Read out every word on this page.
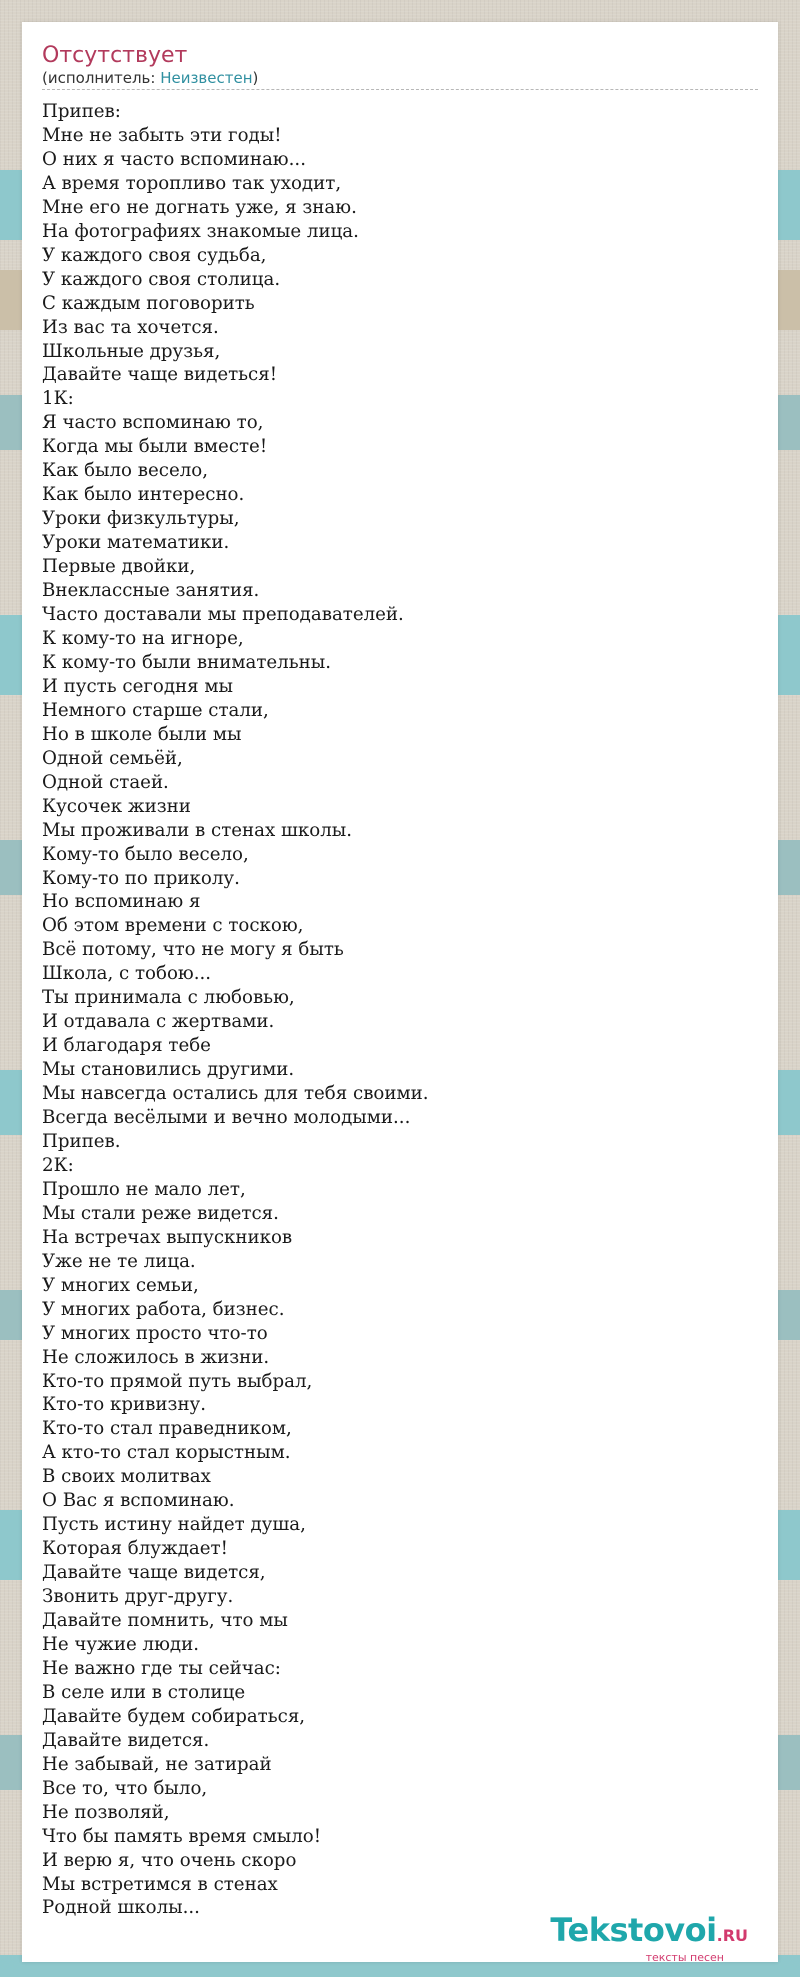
Отсутствует
(исполнитель: Неизвестен)
Припев:
Мне не забыть эти годы!
О них я часто вспоминаю...
А время торопливо так уходит,
Мне его не догнать уже, я знаю.
На фотографиях знакомые лица.
У каждого своя судьба,
У каждого своя столица.
С каждым поговорить
Из вас та хочется.
Школьные друзья,
Давайте чаще видеться!
1К:
Я часто вспоминаю то,
Когда мы были вместе!
Как было весело,
Как было интересно.
Уроки физкультуры,
Уроки математики.
Первые двойки,
Внеклассные занятия.
Часто доставали мы преподавателей.
К кому-то на игноре,
К кому-то были внимательны.
И пусть сегодня мы
Немного старше стали,
Но в школе были мы
Одной семьёй,
Одной стаей.
Кусочек жизни
Мы проживали в стенах школы.
Кому-то было весело,
Кому-то по приколу.
Но вспоминаю я
Об этом времени с тоскою,
Всё потому, что не могу я быть
Школа, с тобою...
Ты принимала с любовью,
И отдавала с жертвами.
И благодаря тебе
Мы становились другими.
Мы навсегда остались для тебя своими.
Всегда весёлыми и вечно молодыми...
Припев.
2К:
Прошло не мало лет,
Мы стали реже видется.
На встречах выпускников
Уже не те лица.
У многих семьи,
У многих работа, бизнес.
У многих просто что-то
Не сложилось в жизни.
Кто-то прямой путь выбрал,
Кто-то кривизну.
Кто-то стал праведником,
А кто-то стал корыстным.
В своих молитвах
О Вас я вспоминаю.
Пусть истину найдет душа,
Которая блуждает!
Давайте чаще видется,
Звонить друг-другу.
Давайте помнить, что мы
Не чужие люди.
Не важно где ты сейчас:
В селе или в столице
Давайте будем собираться,
Давайте видется.
Не забывай, не затирай
Все то, что было,
Не позволяй,
Что бы память время смыло!
И верю я, что очень скоро
Мы встретимся в стенах
Родной школы...
Tekstovoi.RU
тексты песен
